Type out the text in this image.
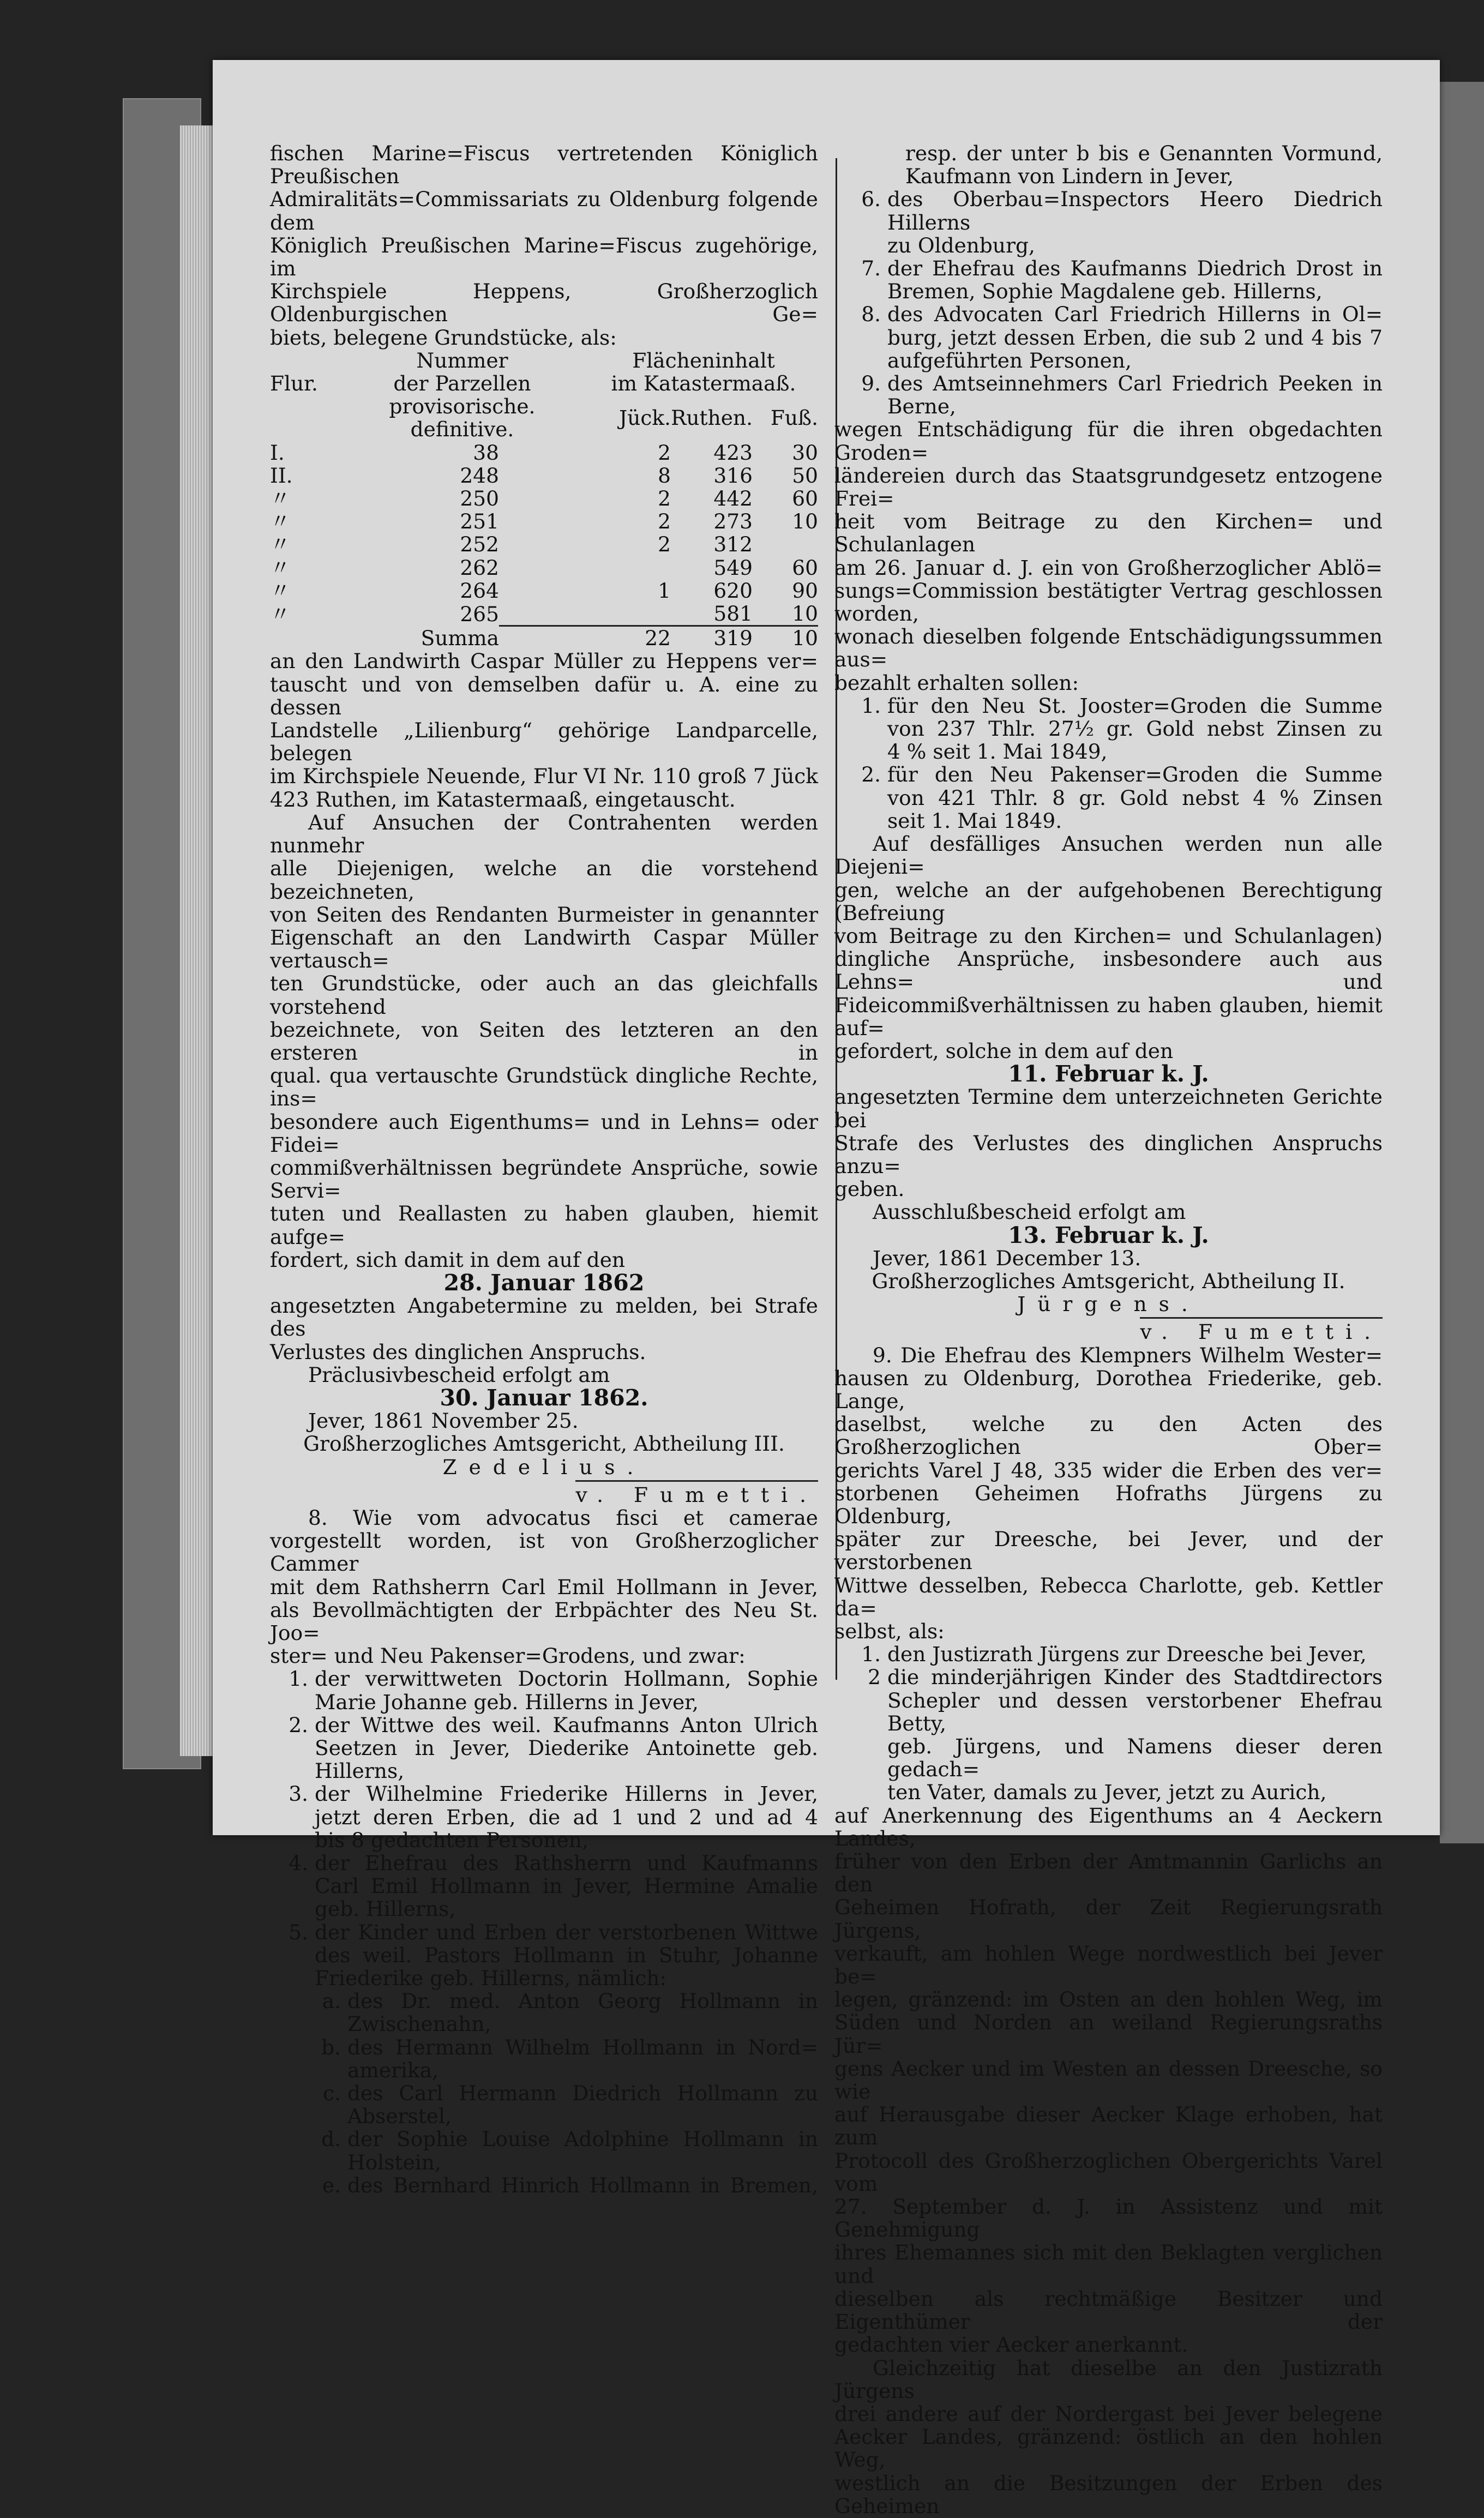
fischen Marine=Fiscus vertretenden Königlich Preußischen

Admiralitäts=Commissariats zu Oldenburg folgende dem

Königlich Preußischen Marine=Fiscus zugehörige, im

Kirchspiele Heppens, Großherzoglich Oldenburgischen Ge=

biets, belegene Grundstücke, als:

	Nummer		Flächeninhalt		
Flur.	der Parzellen		im Katastermaaß.		
	provisorische. definitive.		Jück.	Ruthen.	Fuß.
I.	38		2	423	30
II.	248		8	316	50
〃	250		2	442	60
〃	251		2	273	10
〃	252		2	312	
〃	262			549	60
〃	264		1	620	90
〃	265			581	10
	Summa		22	319	10

an den Landwirth Caspar Müller zu Heppens ver=

tauscht und von demselben dafür u. A. eine zu dessen

Landstelle „Lilienburg“ gehörige Landparcelle, belegen

im Kirchspiele Neuende, Flur VI Nr. 110 groß 7 Jück

423 Ruthen, im Katastermaaß, eingetauscht.

Auf Ansuchen der Contrahenten werden nunmehr

alle Diejenigen, welche an die vorstehend bezeichneten,

von Seiten des Rendanten Burmeister in genannter

Eigenschaft an den Landwirth Caspar Müller vertausch=

ten Grundstücke, oder auch an das gleichfalls vorstehend

bezeichnete, von Seiten des letzteren an den ersteren in

qual. qua vertauschte Grundstück dingliche Rechte, ins=

besondere auch Eigenthums= und in Lehns= oder Fidei=

commißverhältnissen begründete Ansprüche, sowie Servi=

tuten und Reallasten zu haben glauben, hiemit aufge=

fordert, sich damit in dem auf den

28. Januar 1862

angesetzten Angabetermine zu melden, bei Strafe des

Verlustes des dinglichen Anspruchs.

Präclusivbescheid erfolgt am

30. Januar 1862.

Jever, 1861 November 25.

Großherzogliches Amtsgericht, Abtheilung III.

Zedelius.

v. Fumetti.

8. Wie vom advocatus fisci et camerae

vorgestellt worden, ist von Großherzoglicher Cammer

mit dem Rathsherrn Carl Emil Hollmann in Jever,

als Bevollmächtigten der Erbpächter des Neu St. Joo=

ster= und Neu Pakenser=Grodens, und zwar:

1. der verwittweten Doctorin Hollmann, Sophie

Marie Johanne geb. Hillerns in Jever,

2. der Wittwe des weil. Kaufmanns Anton Ulrich

Seetzen in Jever, Diederike Antoinette geb.

Hillerns,

3. der Wilhelmine Friederike Hillerns in Jever,

jetzt deren Erben, die ad 1 und 2 und ad 4

bis 8 gedachten Personen,

4. der Ehefrau des Rathsherrn und Kaufmanns

Carl Emil Hollmann in Jever, Hermine Amalie

geb. Hillerns,

5. der Kinder und Erben der verstorbenen Wittwe

des weil. Pastors Hollmann in Stuhr, Johanne

Friederike geb. Hillerns, nämlich:

a. des Dr. med. Anton Georg Hollmann in

Zwischenahn,

b. des Hermann Wilhelm Hollmann in Nord=

amerika,

c. des Carl Hermann Diedrich Hollmann zu

Abserstel,

d. der Sophie Louise Adolphine Hollmann in

Holstein,

e. des Bernhard Hinrich Hollmann in Bremen,

resp. der unter b bis e Genannten Vormund,

Kaufmann von Lindern in Jever,

6. des Oberbau=Inspectors Heero Diedrich Hillerns

zu Oldenburg,

7. der Ehefrau des Kaufmanns Diedrich Drost in

Bremen, Sophie Magdalene geb. Hillerns,

8. des Advocaten Carl Friedrich Hillerns in Ol=

burg, jetzt dessen Erben, die sub 2 und 4 bis 7

aufgeführten Personen,

9. des Amtseinnehmers Carl Friedrich Peeken in

Berne,

wegen Entschädigung für die ihren obgedachten Groden=

ländereien durch das Staatsgrundgesetz entzogene Frei=

heit vom Beitrage zu den Kirchen= und Schulanlagen

am 26. Januar d. J. ein von Großherzoglicher Ablö=

sungs=Commission bestätigter Vertrag geschlossen worden,

wonach dieselben folgende Entschädigungssummen aus=

bezahlt erhalten sollen:

1. für den Neu St. Jooster=Groden die Summe

von 237 Thlr. 27½ gr. Gold nebst Zinsen zu

4 % seit 1. Mai 1849,

2. für den Neu Pakenser=Groden die Summe

von 421 Thlr. 8 gr. Gold nebst 4 % Zinsen

seit 1. Mai 1849.

Auf desfälliges Ansuchen werden nun alle Diejeni=

gen, welche an der aufgehobenen Berechtigung (Befreiung

vom Beitrage zu den Kirchen= und Schulanlagen)

dingliche Ansprüche, insbesondere auch aus Lehns= und

Fideicommißverhältnissen zu haben glauben, hiemit auf=

gefordert, solche in dem auf den

11. Februar k. J.

angesetzten Termine dem unterzeichneten Gerichte bei

Strafe des Verlustes des dinglichen Anspruchs anzu=

geben.

Ausschlußbescheid erfolgt am

13. Februar k. J.

Jever, 1861 December 13.

Großherzogliches Amtsgericht, Abtheilung II.

Jürgens.

v. Fumetti.

9. Die Ehefrau des Klempners Wilhelm Wester=

hausen zu Oldenburg, Dorothea Friederike, geb. Lange,

daselbst, welche zu den Acten des Großherzoglichen Ober=

gerichts Varel J 48, 335 wider die Erben des ver=

storbenen Geheimen Hofraths Jürgens zu Oldenburg,

später zur Dreesche, bei Jever, und der verstorbenen

Wittwe desselben, Rebecca Charlotte, geb. Kettler da=

selbst, als:

1. den Justizrath Jürgens zur Dreesche bei Jever,

2 die minderjährigen Kinder des Stadtdirectors

Schepler und dessen verstorbener Ehefrau Betty,

geb. Jürgens, und Namens dieser deren gedach=

ten Vater, damals zu Jever, jetzt zu Aurich,

auf Anerkennung des Eigenthums an 4 Aeckern Landes,

früher von den Erben der Amtmannin Garlichs an den

Geheimen Hofrath, der Zeit Regierungsrath Jürgens,

verkauft, am hohlen Wege nordwestlich bei Jever be=

legen, gränzend: im Osten an den hohlen Weg, im

Süden und Norden an weiland Regierungsraths Jür=

gens Aecker und im Westen an dessen Dreesche, so wie

auf Herausgabe dieser Aecker Klage erhoben, hat zum

Protocoll des Großherzoglichen Obergerichts Varel vom

27. September d. J. in Assistenz und mit Genehmigung

ihres Ehemannes sich mit den Beklagten verglichen und

dieselben als rechtmäßige Besitzer und Eigenthümer der

gedachten vier Aecker anerkannt.

Gleichzeitig hat dieselbe an den Justizrath Jürgens

drei andere auf der Nordergast bei Jever belegene

Aecker Landes, gränzend: östlich an den hohlen Weg,

westlich an die Besitzungen der Erben des Geheimen
